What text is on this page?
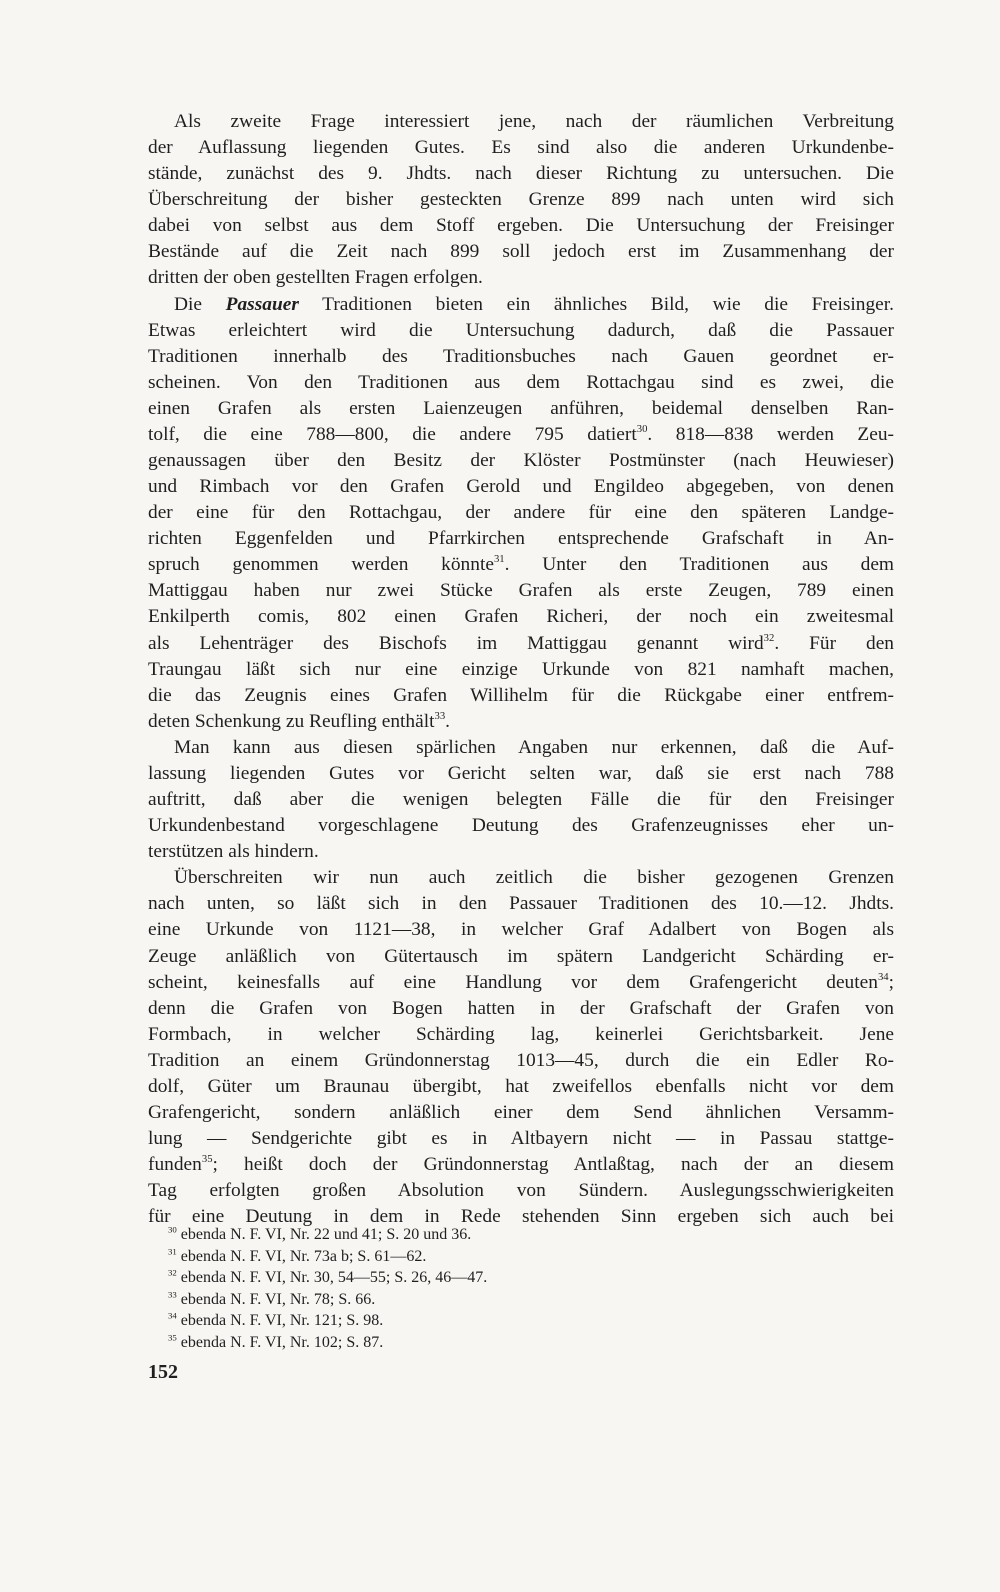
Als zweite Frage interessiert jene, nach der räumlichen Verbreitung
der Auflassung liegenden Gutes. Es sind also die anderen Urkundenbe-
stände, zunächst des 9. Jhdts. nach dieser Richtung zu untersuchen. Die
Überschreitung der bisher gesteckten Grenze 899 nach unten wird sich
dabei von selbst aus dem Stoff ergeben. Die Untersuchung der Freisinger
Bestände auf die Zeit nach 899 soll jedoch erst im Zusammenhang der
dritten der oben gestellten Fragen erfolgen.
Die Passauer Traditionen bieten ein ähnliches Bild, wie die Freisinger.
Etwas erleichtert wird die Untersuchung dadurch, daß die Passauer
Traditionen innerhalb des Traditionsbuches nach Gauen geordnet er-
scheinen. Von den Traditionen aus dem Rottachgau sind es zwei, die
einen Grafen als ersten Laienzeugen anführen, beidemal denselben Ran-
tolf, die eine 788—800, die andere 795 datiert$^{30}$. 818—838 werden Zeu-
genaussagen über den Besitz der Klöster Postmünster (nach Heuwieser)
und Rimbach vor den Grafen Gerold und Engildeo abgegeben, von denen
der eine für den Rottachgau, der andere für eine den späteren Landge-
richten Eggenfelden und Pfarrkirchen entsprechende Grafschaft in An-
spruch genommen werden könnte$^{31}$. Unter den Traditionen aus dem
Mattiggau haben nur zwei Stücke Grafen als erste Zeugen, 789 einen
Enkilperth comis, 802 einen Grafen Richeri, der noch ein zweitesmal
als Lehenträger des Bischofs im Mattiggau genannt wird$^{32}$. Für den
Traungau läßt sich nur eine einzige Urkunde von 821 namhaft machen,
die das Zeugnis eines Grafen Willihelm für die Rückgabe einer entfrem-
deten Schenkung zu Reufling enthält$^{33}$.
Man kann aus diesen spärlichen Angaben nur erkennen, daß die Auf-
lassung liegenden Gutes vor Gericht selten war, daß sie erst nach 788
auftritt, daß aber die wenigen belegten Fälle die für den Freisinger
Urkundenbestand vorgeschlagene Deutung des Grafenzeugnisses eher un-
terstützen als hindern.
Überschreiten wir nun auch zeitlich die bisher gezogenen Grenzen
nach unten, so läßt sich in den Passauer Traditionen des 10.—12. Jhdts.
eine Urkunde von 1121—38, in welcher Graf Adalbert von Bogen als
Zeuge anläßlich von Gütertausch im spätern Landgericht Schärding er-
scheint, keinesfalls auf eine Handlung vor dem Grafengericht deuten$^{34}$;
denn die Grafen von Bogen hatten in der Grafschaft der Grafen von
Formbach, in welcher Schärding lag, keinerlei Gerichtsbarkeit. Jene
Tradition an einem Gründonnerstag 1013—45, durch die ein Edler Ro-
dolf, Güter um Braunau übergibt, hat zweifellos ebenfalls nicht vor dem
Grafengericht, sondern anläßlich einer dem Send ähnlichen Versamm-
lung — Sendgerichte gibt es in Altbayern nicht — in Passau stattge-
funden$^{35}$; heißt doch der Gründonnerstag Antlaßtag, nach der an diesem
Tag erfolgten großen Absolution von Sündern. Auslegungsschwierigkeiten
für eine Deutung in dem in Rede stehenden Sinn ergeben sich auch bei
$^{30}$ ebenda N. F. VI, Nr. 22 und 41; S. 20 und 36.
$^{31}$ ebenda N. F. VI, Nr. 73a b; S. 61—62.
$^{32}$ ebenda N. F. VI, Nr. 30, 54—55; S. 26, 46—47.
$^{33}$ ebenda N. F. VI, Nr. 78; S. 66.
$^{34}$ ebenda N. F. VI, Nr. 121; S. 98.
$^{35}$ ebenda N. F. VI, Nr. 102; S. 87.
152
